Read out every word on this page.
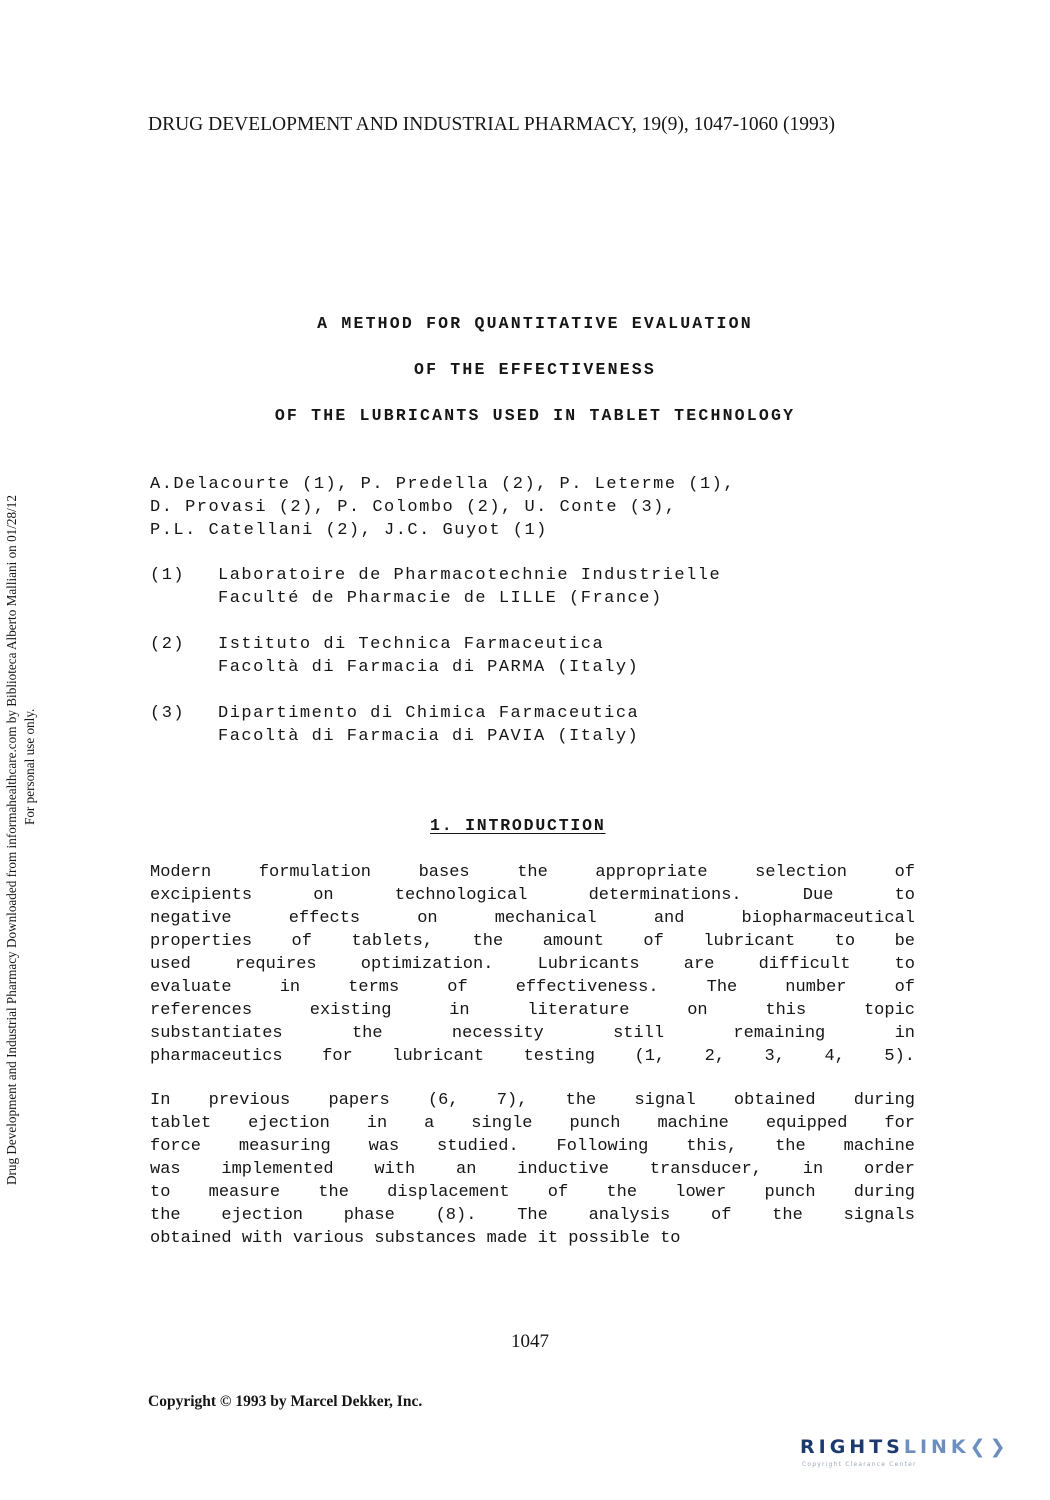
DRUG DEVELOPMENT AND INDUSTRIAL PHARMACY, 19(9), 1047-1060 (1993)
Drug Development and Industrial Pharmacy Downloaded from informahealthcare.com by Biblioteca Alberto Malliani on 01/28/12 For personal use only.
A METHOD FOR QUANTITATIVE EVALUATION
OF THE EFFECTIVENESS
OF THE LUBRICANTS USED IN TABLET TECHNOLOGY
A.Delacourte (1), P. Predella (2), P. Leterme (1),
D. Provasi (2), P. Colombo (2), U. Conte (3),
P.L. Catellani (2), J.C. Guyot (1)
(1) Laboratoire de Pharmacotechnie Industrielle
Faculté de Pharmacie de LILLE (France)
(2) Istituto di Technica Farmaceutica
Facoltà di Farmacia di PARMA (Italy)
(3) Dipartimento di Chimica Farmaceutica
Facoltà di Farmacia di PAVIA (Italy)
1. INTRODUCTION
Modern formulation bases the appropriate selection of
excipients on technological determinations. Due to
negative effects on mechanical and biopharmaceutical
properties of tablets, the amount of lubricant to be
used requires optimization. Lubricants are difficult to
evaluate in terms of effectiveness. The number of
references existing in literature on this topic
substantiates the necessity still remaining in
pharmaceutics for lubricant testing (1, 2, 3, 4, 5).
In previous papers (6, 7), the signal obtained during
tablet ejection in a single punch machine equipped for
force measuring was studied. Following this, the machine
was implemented with an inductive transducer, in order
to measure the displacement of the lower punch during
the ejection phase (8). The analysis of the signals
obtained with various substances made it possible to
1047
Copyright © 1993 by Marcel Dekker, Inc.
RIGHTSLINK❮❯
Copyright Clearance Center
